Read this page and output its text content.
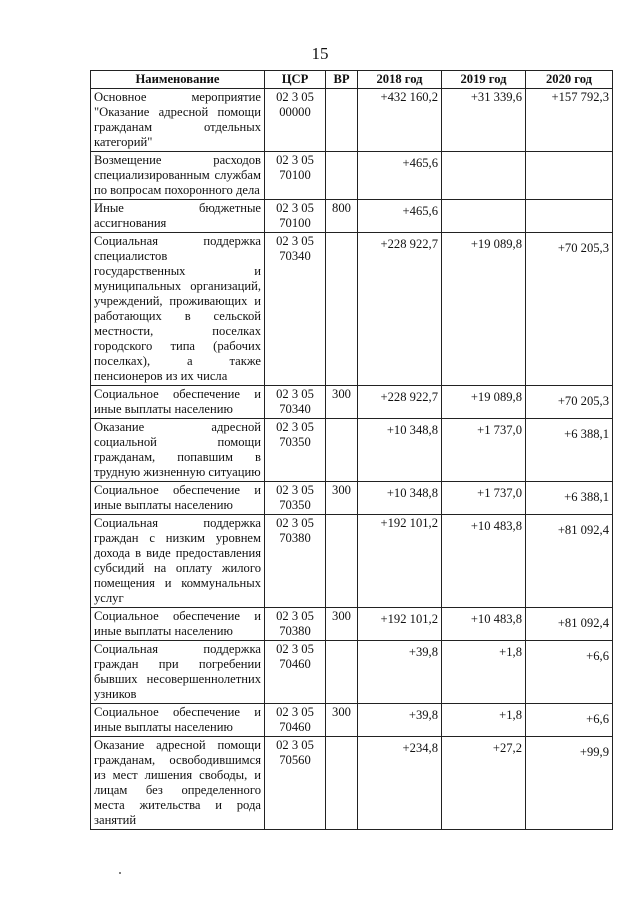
15
Наименование	ЦСР	ВР	2018 год	2019 год	2020 год
Основное мероприятие "Оказание адресной помощи гражданам отдельных категорий"	02 3 05 00000		+432 160,2	+31 339,6	+157 792,3
Возмещение расходов специализированным службам по вопросам похоронного дела	02 3 05 70100		+465,6		
Иные бюджетные ассигнования	02 3 05 70100	800	+465,6		
Социальная поддержка специалистов государственных и муниципальных организаций, учреждений, проживающих и работающих в сельской местности, поселках городского типа (рабочих поселках), а также пенсионеров из их числа	02 3 05 70340		+228 922,7	+19 089,8	+70 205,3
Социальное обеспечение и иные выплаты населению	02 3 05 70340	300	+228 922,7	+19 089,8	+70 205,3
Оказание адресной социальной помощи гражданам, попавшим в трудную жизненную ситуацию	02 3 05 70350		+10 348,8	+1 737,0	+6 388,1
Социальное обеспечение и иные выплаты населению	02 3 05 70350	300	+10 348,8	+1 737,0	+6 388,1
Социальная поддержка граждан с низким уровнем дохода в виде предоставления субсидий на оплату жилого помещения и коммунальных услуг	02 3 05 70380		+192 101,2	+10 483,8	+81 092,4
Социальное обеспечение и иные выплаты населению	02 3 05 70380	300	+192 101,2	+10 483,8	+81 092,4
Социальная поддержка граждан при погребении бывших несовершеннолетних узников	02 3 05 70460		+39,8	+1,8	+6,6
Социальное обеспечение и иные выплаты населению	02 3 05 70460	300	+39,8	+1,8	+6,6
Оказание адресной помощи гражданам, освободившимся из мест лишения свободы, и лицам без определенного места жительства и рода занятий	02 3 05 70560		+234,8	+27,2	+99,9
